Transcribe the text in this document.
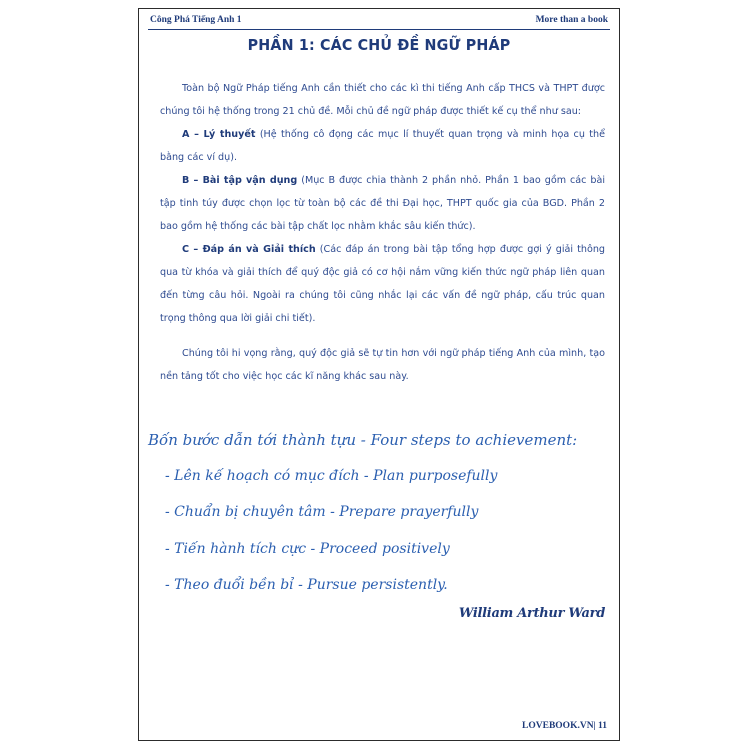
Công Phá Tiếng Anh 1	More than a book
PHẦN 1: CÁC CHỦ ĐỀ NGỮ PHÁP

Toàn bộ Ngữ Pháp tiếng Anh cần thiết cho các kì thi tiếng Anh cấp THCS và THPT được chúng tôi hệ thống trong 21 chủ đề. Mỗi chủ đề ngữ pháp được thiết kế cụ thể như sau:

A – Lý thuyết (Hệ thống cô đọng các mục lí thuyết quan trọng và minh họa cụ thể bằng các ví dụ).

B – Bài tập vận dụng (Mục B được chia thành 2 phần nhỏ. Phần 1 bao gồm các bài tập tinh túy được chọn lọc từ toàn bộ các đề thi Đại học, THPT quốc gia của BGD. Phần 2 bao gồm hệ thống các bài tập chất lọc nhằm khắc sâu kiến thức).

C – Đáp án và Giải thích (Các đáp án trong bài tập tổng hợp được gợi ý giải thông qua từ khóa và giải thích để quý độc giả có cơ hội nắm vững kiến thức ngữ pháp liên quan đến từng câu hỏi. Ngoài ra chúng tôi cũng nhắc lại các vấn đề ngữ pháp, cấu trúc quan trọng thông qua lời giải chi tiết).

Chúng tôi hi vọng rằng, quý độc giả sẽ tự tin hơn với ngữ pháp tiếng Anh của mình, tạo nền tảng tốt cho việc học các kĩ năng khác sau này.

Bốn bước dẫn tới thành tựu - Four steps to achievement:
- Lên kế hoạch có mục đích - Plan purposefully
- Chuẩn bị chuyên tâm - Prepare prayerfully
- Tiến hành tích cực - Proceed positively
- Theo đuổi bền bỉ - Pursue persistently.
William Arthur Ward
LOVEBOOK.VN| 11
